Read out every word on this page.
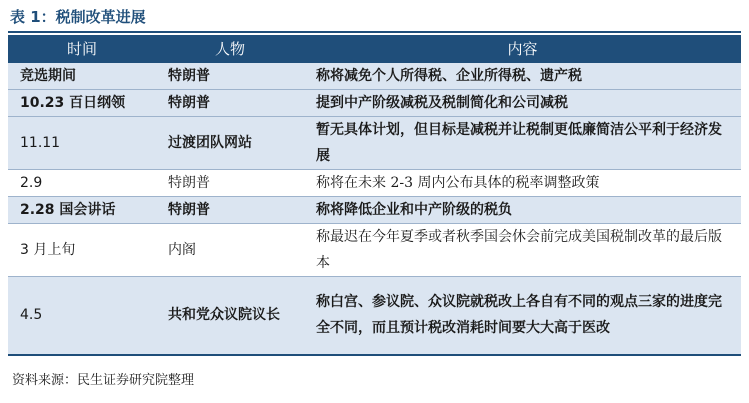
表 1：税制改革进展
时间	人物	内容
竞选期间	特朗普	称将减免个人所得税、企业所得税、遗产税
10.23 百日纲领	特朗普	提到中产阶级减税及税制简化和公司减税
11.11	过渡团队网站	暂无具体计划，但目标是减税并让税制更低廉简洁公平利于经济发展
2.9	特朗普	称将在未来 2-3 周内公布具体的税率调整政策
2.28 国会讲话	特朗普	称将降低企业和中产阶级的税负
3 月上旬	内阁	称最迟在今年夏季或者秋季国会休会前完成美国税制改革的最后版本
4.5	共和党众议院议长	称白宫、参议院、众议院就税改上各自有不同的观点三家的进度完全不同，而且预计税改消耗时间要大大高于医改
资料来源：民生证券研究院整理
